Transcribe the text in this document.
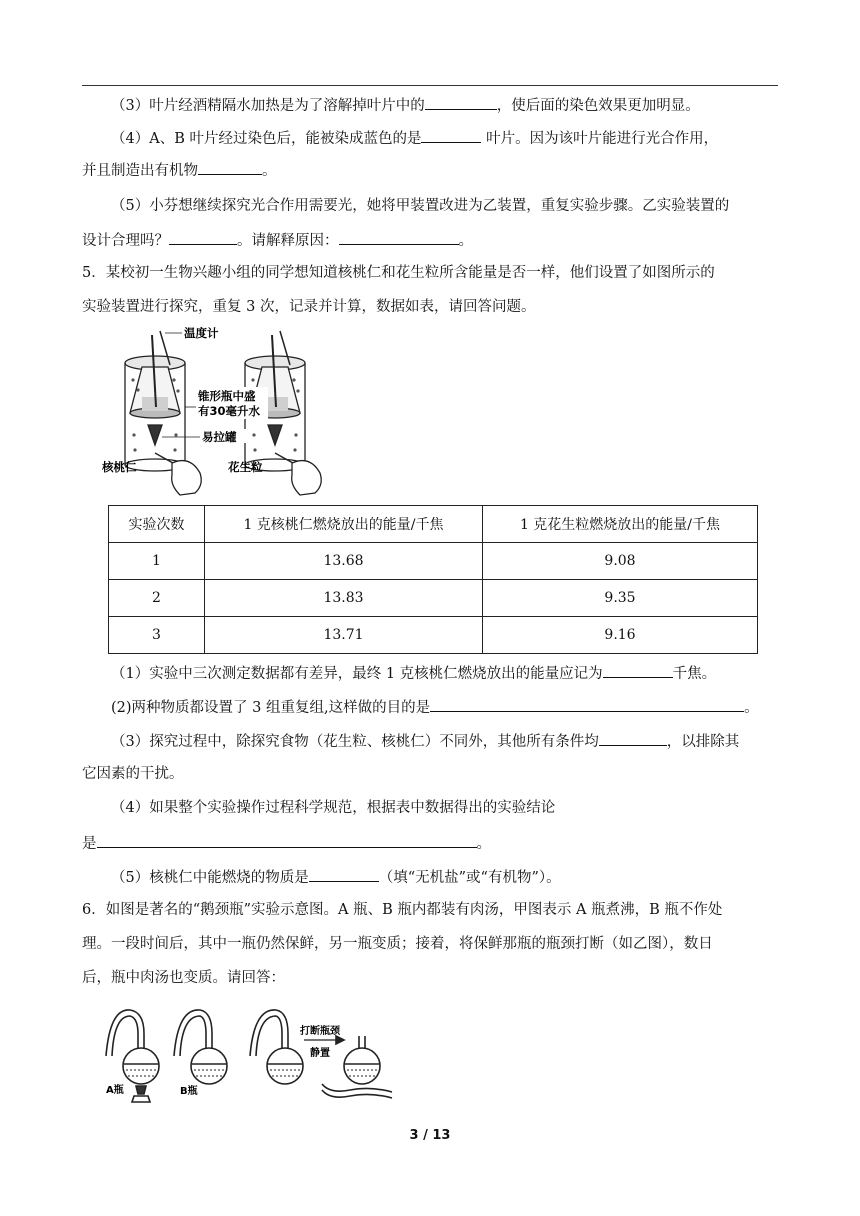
（3）叶片经酒精隔水加热是为了溶解掉叶片中的	，使后面的染色效果更加明显。
（4）A、B 叶片经过染色后，能被染成蓝色的是	叶片。因为该叶片能进行光合作用，
并且制造出有机物	。
（5）小芬想继续探究光合作用需要光，她将甲装置改进为乙装置，重复实验步骤。乙实验装置的
设计合理吗？	。请解释原因：	。
5．某校初一生物兴趣小组的同学想知道核桃仁和花生粒所含能量是否一样，他们设置了如图所示的
实验装置进行探究，重复 3 次，记录并计算，数据如表，请回答问题。
温度计
锥形瓶中盛
有30毫升水
易拉罐
核桃仁	花生粒
实验次数	1 克核桃仁燃烧放出的能量/千焦	1 克花生粒燃烧放出的能量/千焦
1	13.68	9.08
2	13.83	9.35
3	13.71	9.16
（1）实验中三次测定数据都有差异，最终 1 克核桃仁燃烧放出的能量应记为	千焦。
(2)两种物质都设置了 3 组重复组,这样做的目的是	。
（3）探究过程中，除探究食物（花生粒、核桃仁）不同外，其他所有条件均	，以排除其
它因素的干扰。
（4）如果整个实验操作过程科学规范，根据表中数据得出的实验结论
是	。
（5）核桃仁中能燃烧的物质是	（填“无机盐”或“有机物”）。
6．如图是著名的“鹅颈瓶”实验示意图。A 瓶、B 瓶内都装有肉汤，甲图表示 A 瓶煮沸，B 瓶不作处
理。一段时间后，其中一瓶仍然保鲜，另一瓶变质；接着，将保鲜那瓶的瓶颈打断（如乙图），数日
后，瓶中肉汤也变质。请回答：
A瓶	B瓶
打断瓶颈
静置
3 / 13
